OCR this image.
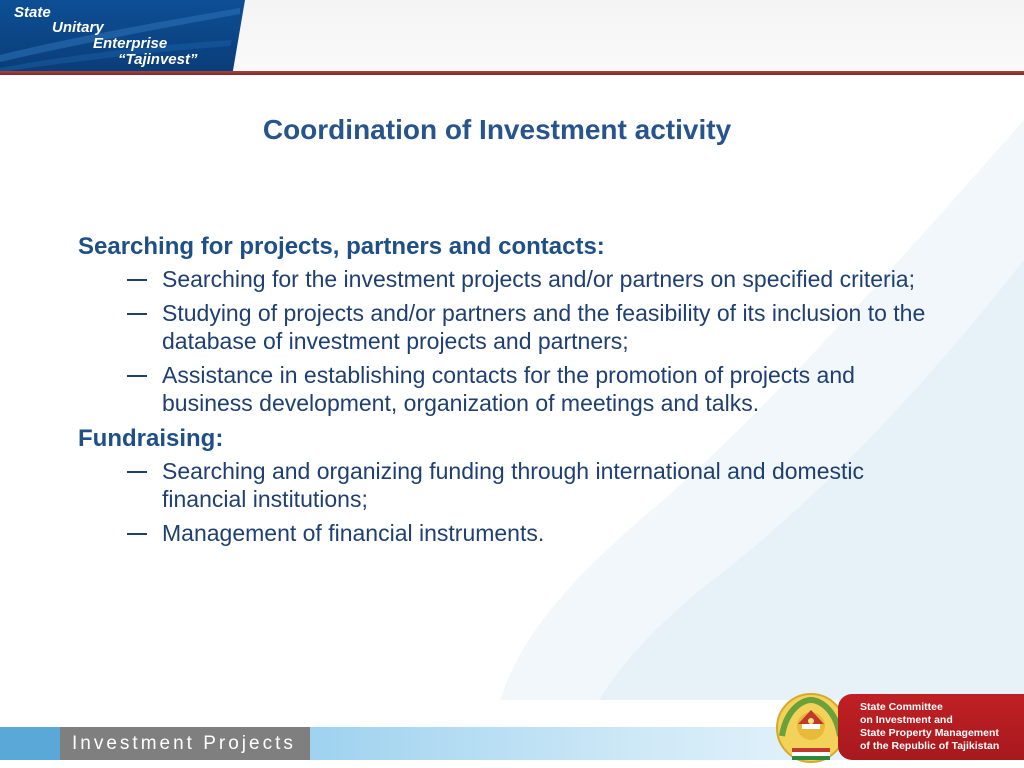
State
Unitary
Enterprise
“Tajinvest”
Coordination of Investment activity

Searching for projects, partners and contacts:

Searching for the investment projects and/or partners on specified criteria;
Studying of projects and/or partners and the feasibility of its inclusion to the database of investment projects and partners;
Assistance in establishing contacts for the promotion of projects and business development, organization of meetings and talks.

Fundraising:

Searching and organizing funding through international and domestic financial institutions;
Management of financial instruments.
Investment Projects
State Committee
on Investment and
State Property Management
of the Republic of Tajikistan
